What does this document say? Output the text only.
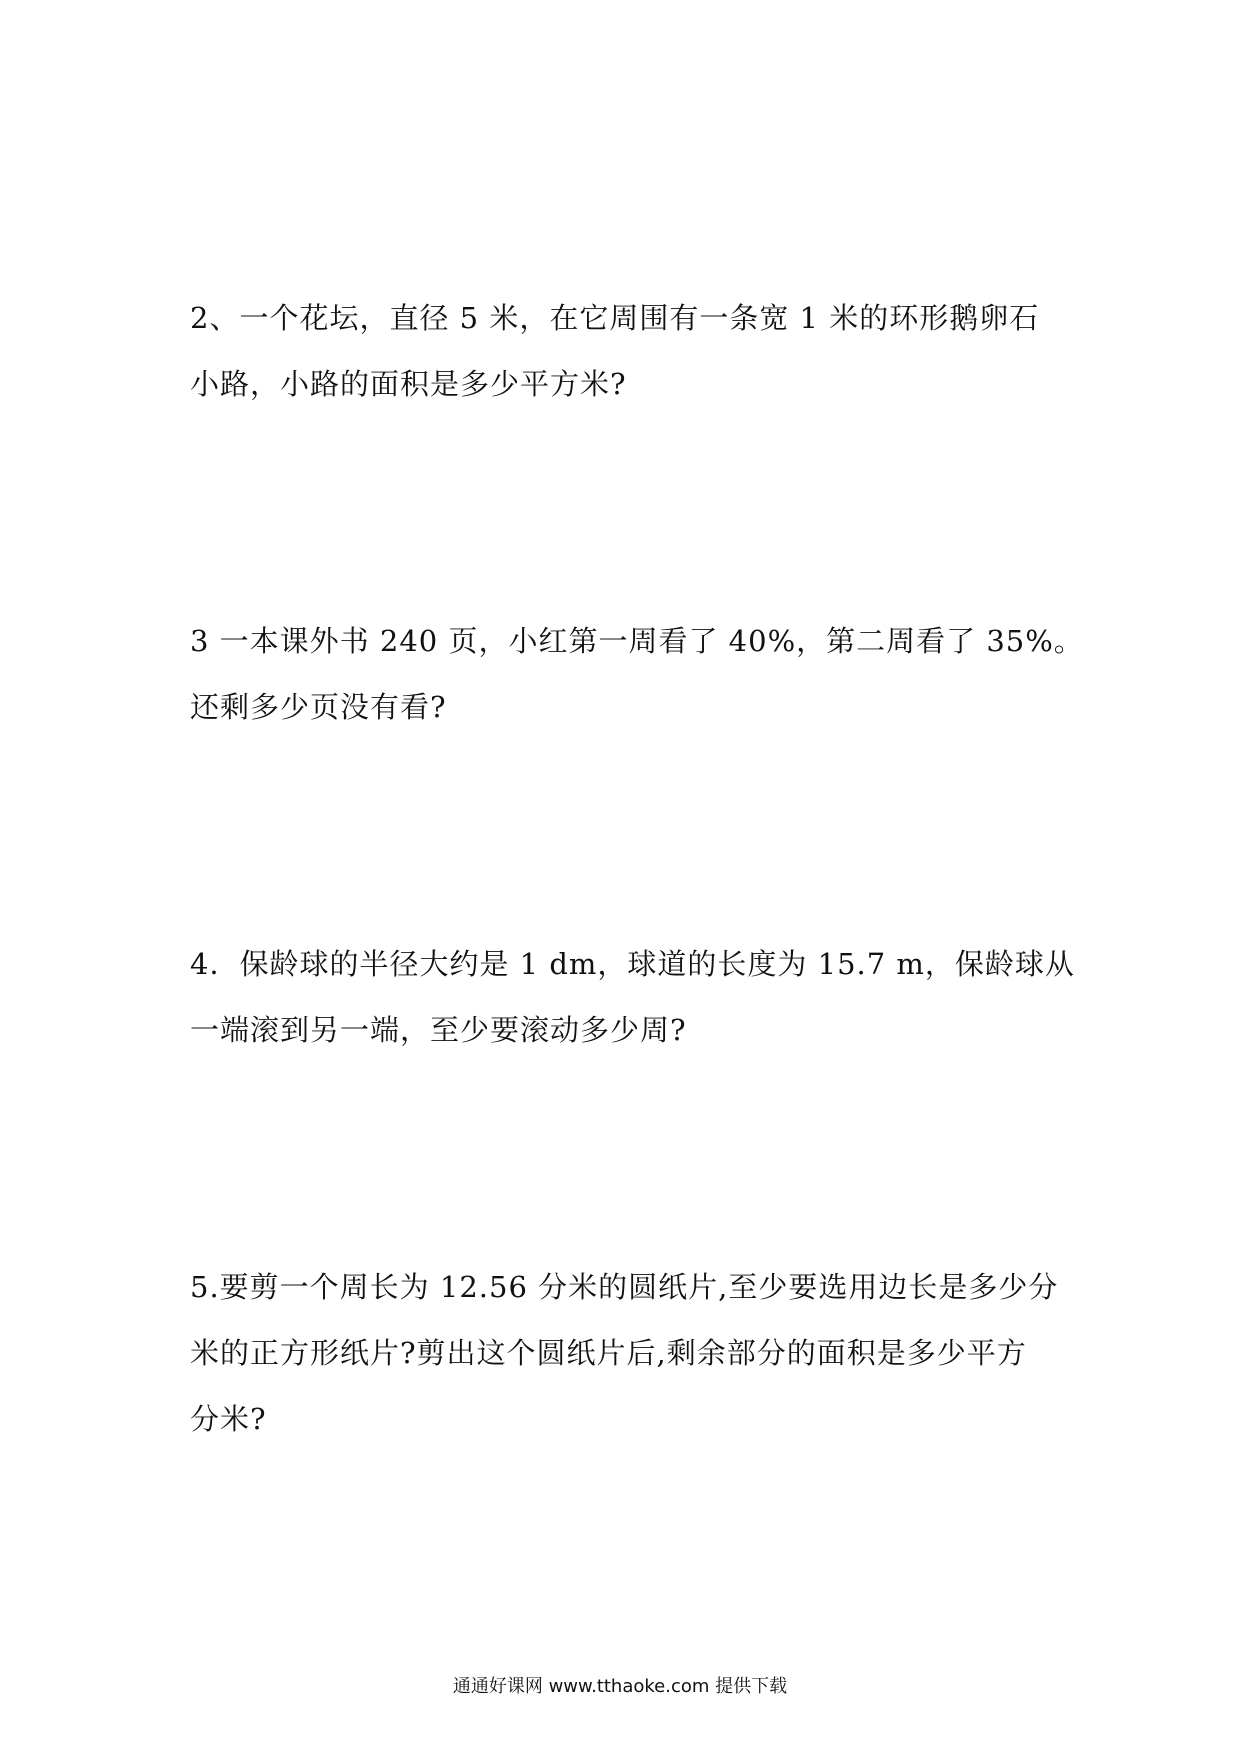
2、一个花坛，直径 5 米，在它周围有一条宽 1 米的环形鹅卵石
小路，小路的面积是多少平方米?
3 一本课外书 240 页，小红第一周看了 40%，第二周看了 35%。
还剩多少页没有看?
4．保龄球的半径大约是 1 dm，球道的长度为 15.7 m，保龄球从
一端滚到另一端，至少要滚动多少周?
5.要剪一个周长为 12.56 分米的圆纸片,至少要选用边长是多少分
米的正方形纸片?剪出这个圆纸片后,剩余部分的面积是多少平方
分米?
通通好课网 www.tthaoke.com 提供下载
